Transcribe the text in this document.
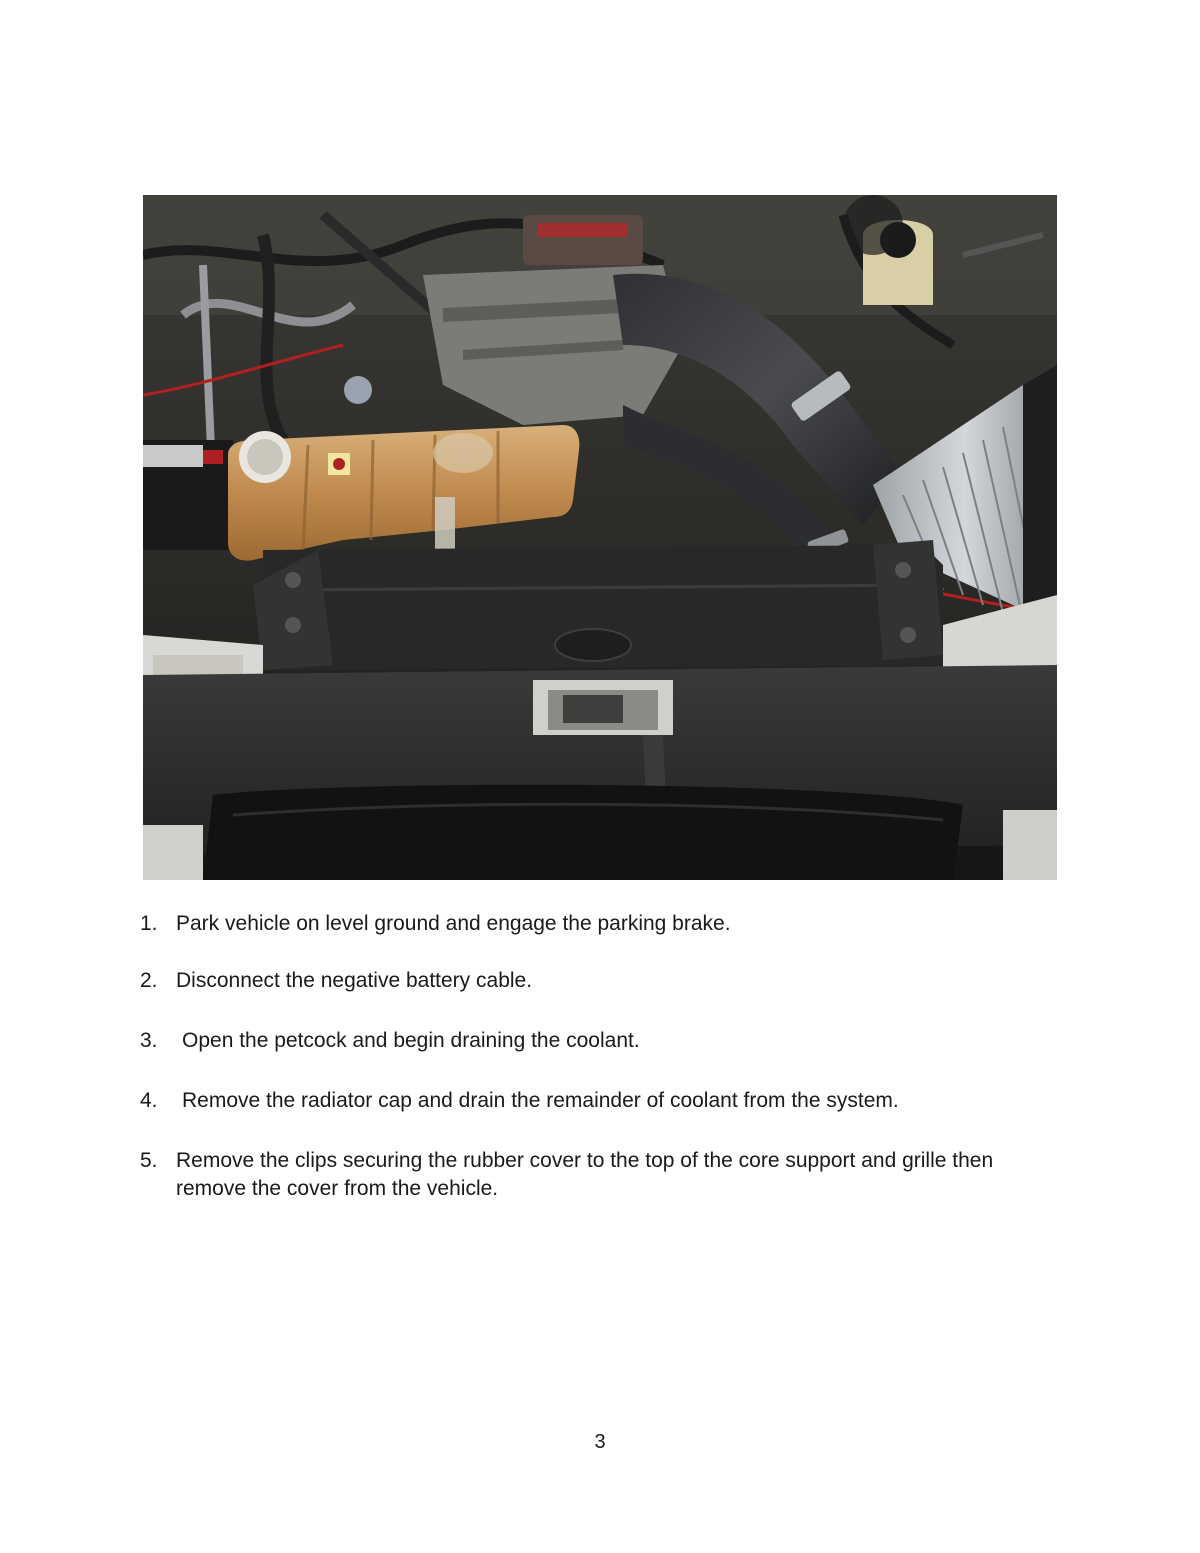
1. Park vehicle on level ground and engage the parking brake.
2. Disconnect the negative battery cable.
3.	Open the petcock and begin draining the coolant.
4.	Remove the radiator cap and drain the remainder of coolant from the system.
5. Remove the clips securing the rubber cover to the top of the core support and grille then remove the cover from the vehicle.
3
